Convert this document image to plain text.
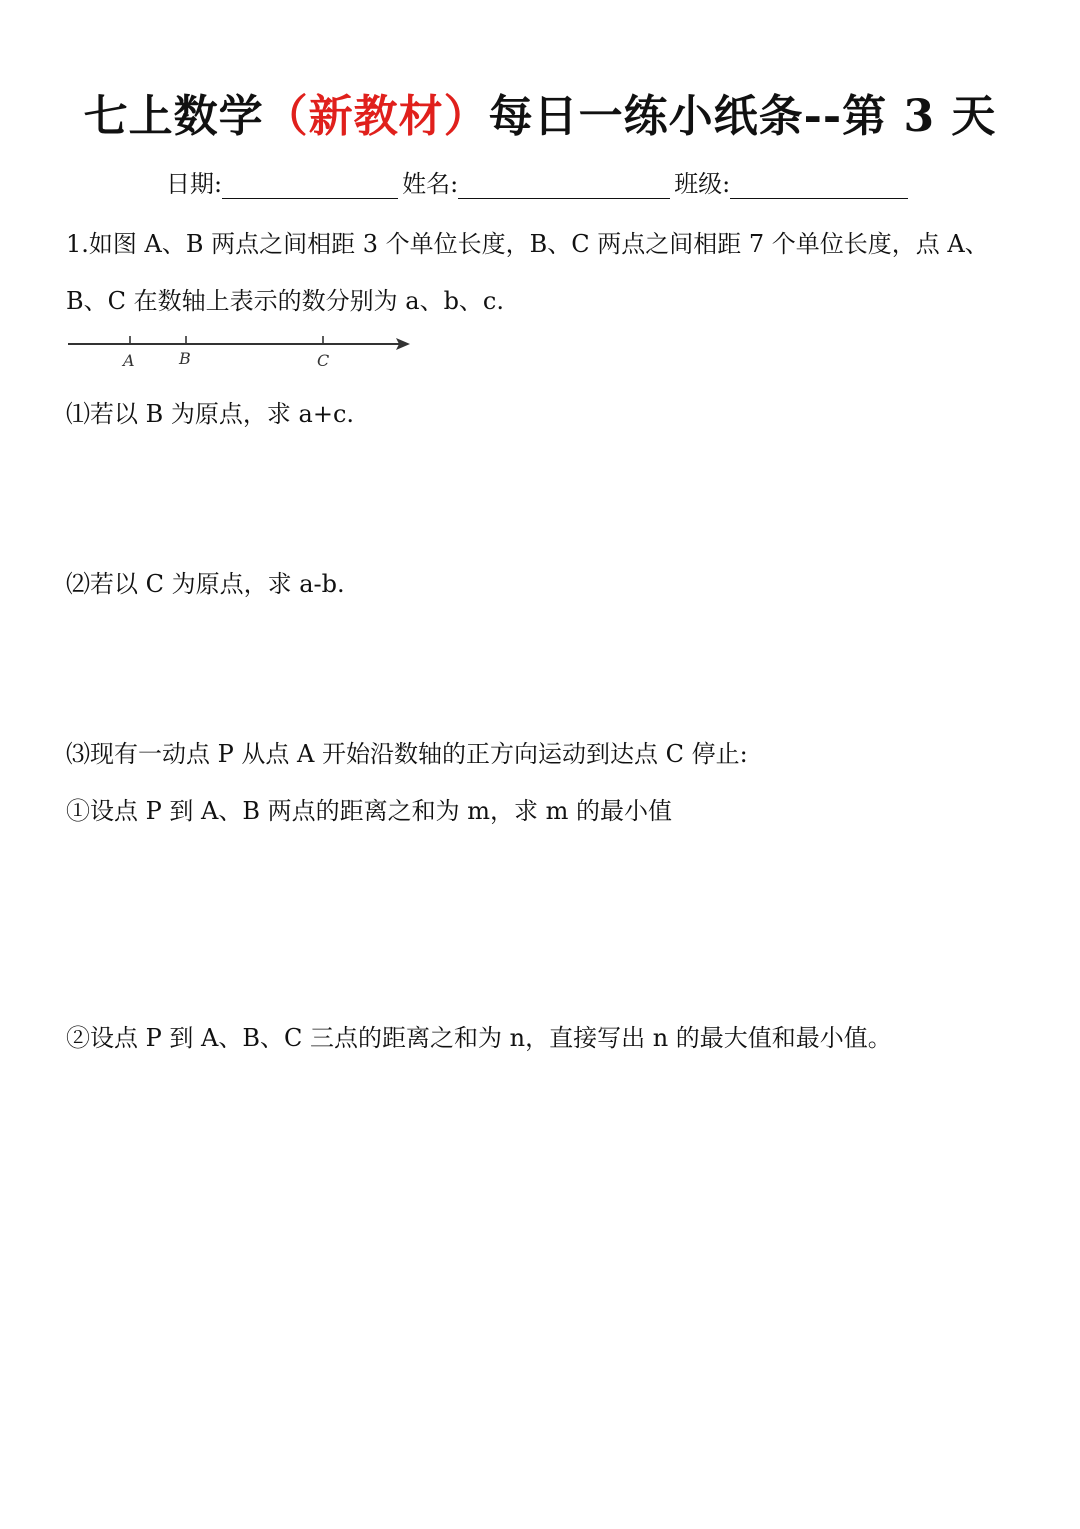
七上数学（新教材）每日一练小纸条--第 3 天
日期:	姓名:	班级:
1.如图 A、B 两点之间相距 3 个单位长度，B、C 两点之间相距 7 个单位长度，点 A、
B、C 在数轴上表示的数分别为 a、b、c.
A	B	C
⑴若以 B 为原点，求 a+c.
⑵若以 C 为原点，求 a-b.
⑶现有一动点 P 从点 A 开始沿数轴的正方向运动到达点 C 停止:
①设点 P 到 A、B 两点的距离之和为 m，求 m 的最小值
②设点 P 到 A、B、C 三点的距离之和为 n，直接写出 n 的最大值和最小值。
